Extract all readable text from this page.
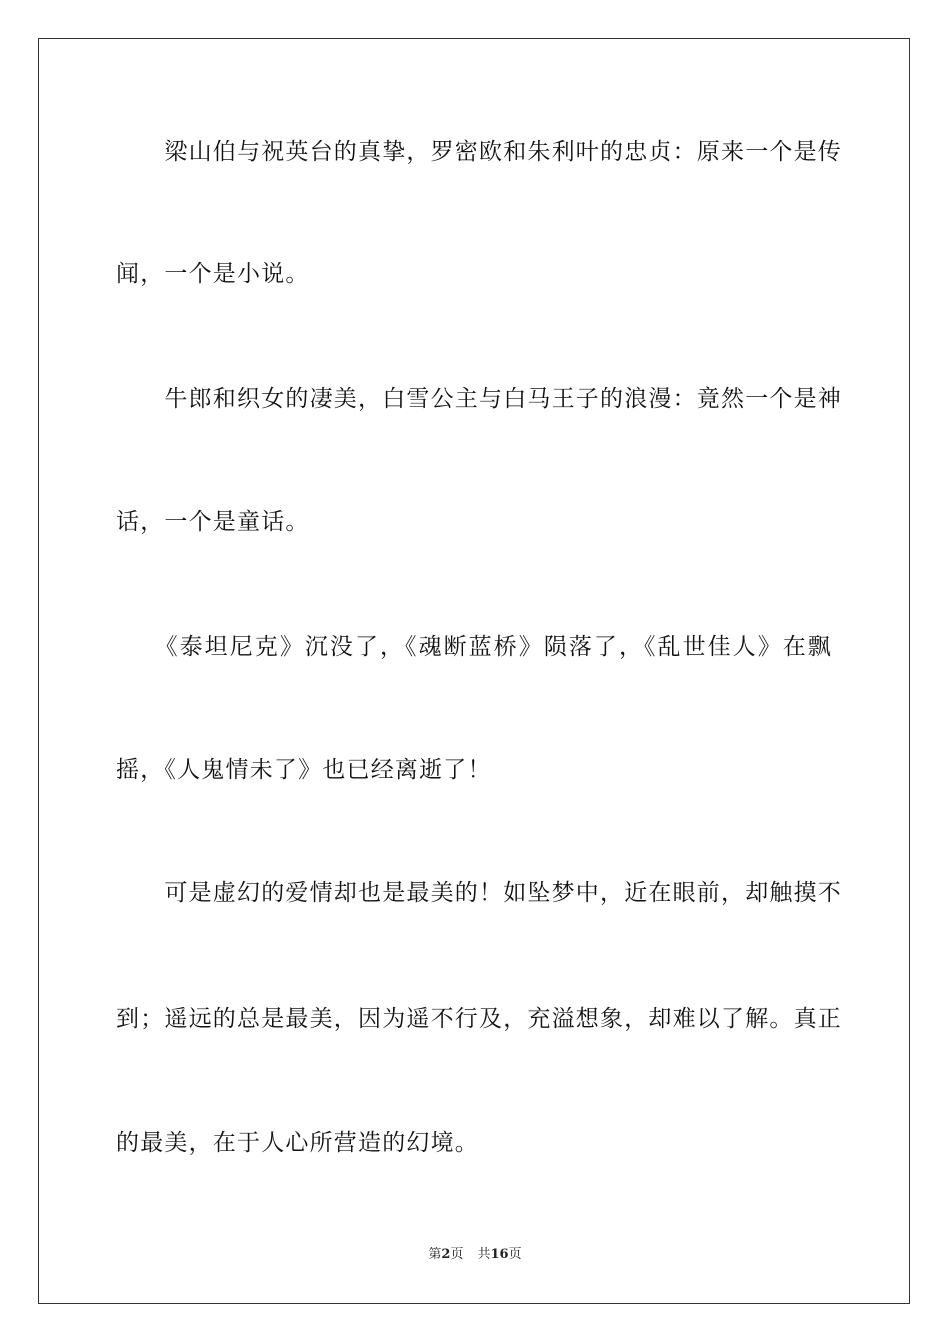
　　梁山伯与祝英台的真挚，罗密欧和朱利叶的忠贞：原来一个是传
闻，一个是小说。
　　牛郎和织女的凄美，白雪公主与白马王子的浪漫：竟然一个是神
话，一个是童话。
　　《泰坦尼克》沉没了，《魂断蓝桥》陨落了，《乱世佳人》在飘
摇，《人鬼情未了》也已经离逝了！
　　可是虚幻的爱情却也是最美的！如坠梦中，近在眼前，却触摸不
到；遥远的总是最美，因为遥不行及，充溢想象，却难以了解。真正
的最美，在于人心所营造的幻境。
第2页 共16页
